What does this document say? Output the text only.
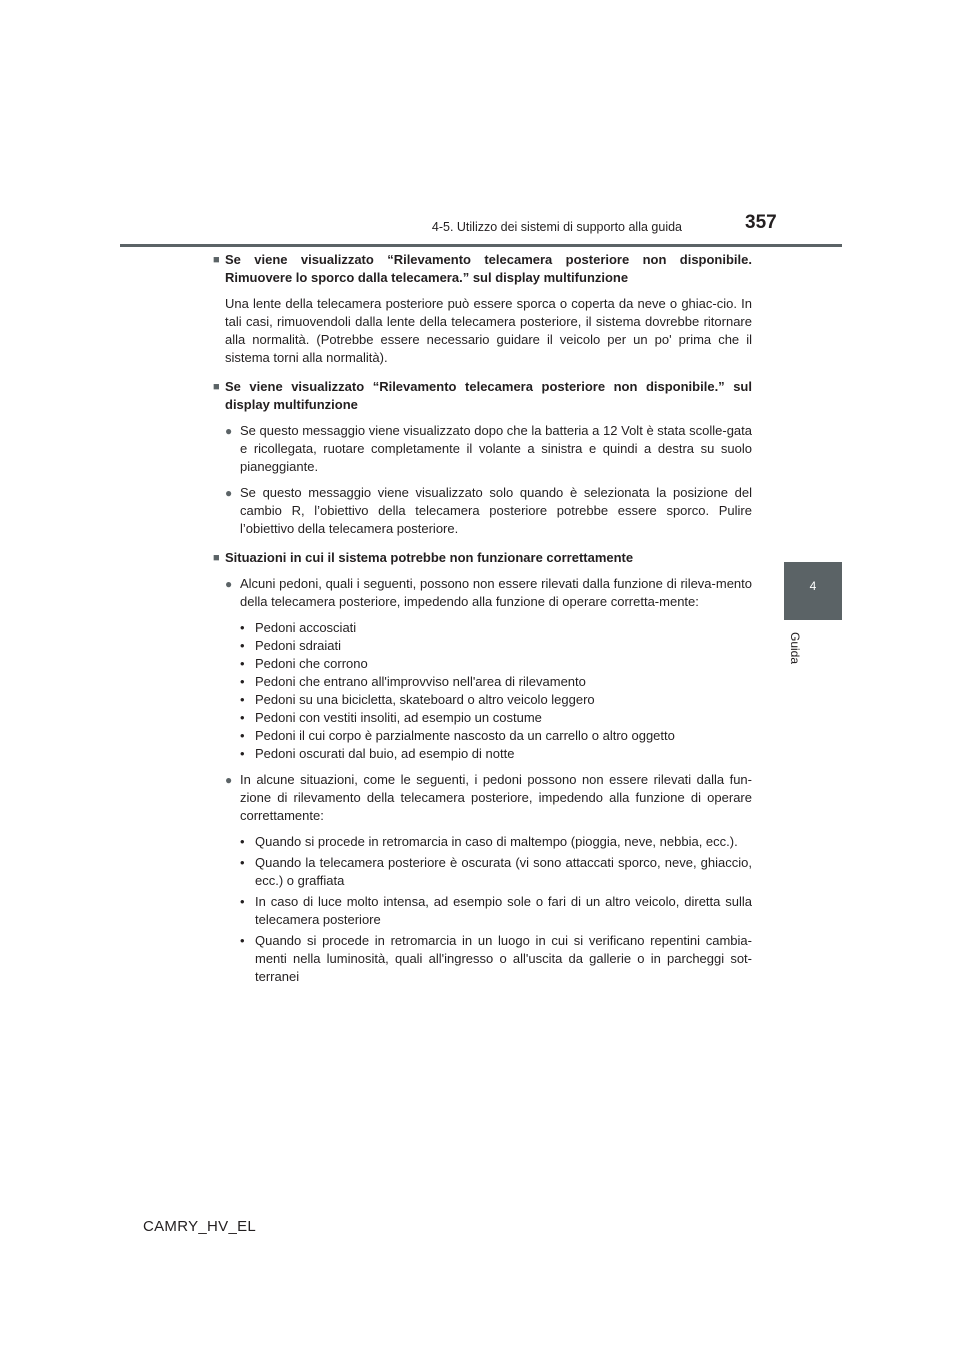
4-5. Utilizzo dei sistemi di supporto alla guida	357
4
Guida
■ Se viene visualizzato “Rilevamento telecamera posteriore non disponibile. Rimuovere lo sporco dalla telecamera.” sul display multifunzione
Una lente della telecamera posteriore può essere sporca o coperta da neve o ghiac-cio. In tali casi, rimuovendoli dalla lente della telecamera posteriore, il sistema dovrebbe ritornare alla normalità. (Potrebbe essere necessario guidare il veicolo per un po' prima che il sistema torni alla normalità).
■ Se viene visualizzato “Rilevamento telecamera posteriore non disponibile.” sul display multifunzione
● Se questo messaggio viene visualizzato dopo che la batteria a 12 Volt è stata scolle-gata e ricollegata, ruotare completamente il volante a sinistra e quindi a destra su suolo pianeggiante.
● Se questo messaggio viene visualizzato solo quando è selezionata la posizione del cambio R, l’obiettivo della telecamera posteriore potrebbe essere sporco. Pulire l’obiettivo della telecamera posteriore.
■ Situazioni in cui il sistema potrebbe non funzionare correttamente
● Alcuni pedoni, quali i seguenti, possono non essere rilevati dalla funzione di rileva-mento della telecamera posteriore, impedendo alla funzione di operare corretta-mente:
• Pedoni accosciati
• Pedoni sdraiati
• Pedoni che corrono
• Pedoni che entrano all'improvviso nell'area di rilevamento
• Pedoni su una bicicletta, skateboard o altro veicolo leggero
• Pedoni con vestiti insoliti, ad esempio un costume
• Pedoni il cui corpo è parzialmente nascosto da un carrello o altro oggetto
• Pedoni oscurati dal buio, ad esempio di notte
● In alcune situazioni, come le seguenti, i pedoni possono non essere rilevati dalla fun-zione di rilevamento della telecamera posteriore, impedendo alla funzione di operare correttamente:
• Quando si procede in retromarcia in caso di maltempo (pioggia, neve, nebbia, ecc.).
• Quando la telecamera posteriore è oscurata (vi sono attaccati sporco, neve, ghiaccio, ecc.) o graffiata
• In caso di luce molto intensa, ad esempio sole o fari di un altro veicolo, diretta sulla telecamera posteriore
• Quando si procede in retromarcia in un luogo in cui si verificano repentini cambia-menti nella luminosità, quali all'ingresso o all'uscita da gallerie o in parcheggi sot-terranei
CAMRY_HV_EL
